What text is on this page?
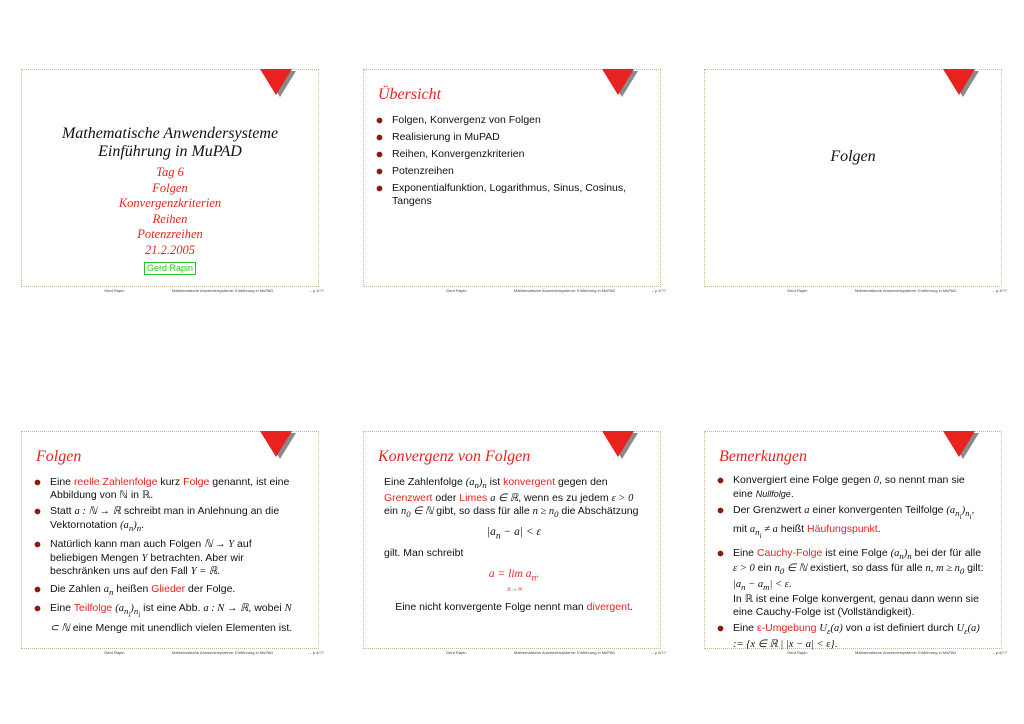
Mathematische Anwendersysteme
Einführung in MuPAD
Tag 6
Folgen
Konvergenzkriterien
Reihen
Potenzreihen
21.2.2005
Gerd Rapin
Gerd Rapin	Mathematische Anwendersysteme: Einführung in MuPAD	– p.1/??
Übersicht
Folgen, Konvergenz von Folgen
Realisierung in MuPAD
Reihen, Konvergenzkriterien
Potenzreihen
Exponentialfunktion, Logarithmus, Sinus, Cosinus, Tangens
Gerd Rapin	Mathematische Anwendersysteme: Einführung in MuPAD	– p.2/??
Folgen
Gerd Rapin	Mathematische Anwendersysteme: Einführung in MuPAD	– p.3/??
Folgen
Eine reelle Zahlenfolge kurz Folge genannt, ist eine Abbildung von ℕ in ℝ.
Statt a : ℕ → ℝ schreibt man in Anlehnung an die Vektornotation $(a_n)_n$.
Natürlich kann man auch Folgen ℕ → Y auf beliebigen Mengen Y betrachten. Aber wir beschränken uns auf den Fall Y = ℝ.
Die Zahlen $a_n$ heißen Glieder der Folge.
Eine Teilfolge $(a_{n_i})_{n_i}$ ist eine Abb. a : N → ℝ, wobei N ⊂ ℕ eine Menge mit unendlich vielen Elementen ist.
Gerd Rapin	Mathematische Anwendersysteme: Einführung in MuPAD	– p.4/??
Konvergenz von Folgen
Eine Zahlenfolge $(a_n)_n$ ist konvergent gegen den Grenzwert oder Limes a ∈ ℝ, wenn es zu jedem ε > 0 ein $n_0$ ∈ ℕ gibt, so dass für alle $n \ge n_0$ die Abschätzung
$|a_n - a| < \varepsilon$
gilt. Man schreibt
$a = \lim a_n$.
n→∞
Eine nicht konvergente Folge nennt man divergent.
Gerd Rapin	Mathematische Anwendersysteme: Einführung in MuPAD	– p.5/??
Bemerkungen
Konvergiert eine Folge gegen 0, so nennt man sie eine Nullfolge.
Der Grenzwert a einer konvergenten Teilfolge $(a_{n_i})_{n_i}$, mit $a_{n_i} \ne a$ heißt Häufungspunkt.
Eine Cauchy-Folge ist eine Folge $(a_n)_n$ bei der für alle ε > 0 ein $n_0$ ∈ ℕ existiert, so dass für alle n, $m \ge n_0$ gilt: $|a_n - a_m| < \varepsilon$.
In ℝ ist eine Folge konvergent, genau dann wenn sie eine Cauchy-Folge ist (Vollständigkeit).
Eine ε-Umgebung $U_\varepsilon(a)$ von a ist definiert durch $U_\varepsilon(a)$ := {x ∈ ℝ | |x − a| < ε}.
Gerd Rapin	Mathematische Anwendersysteme: Einführung in MuPAD	– p.6/??
